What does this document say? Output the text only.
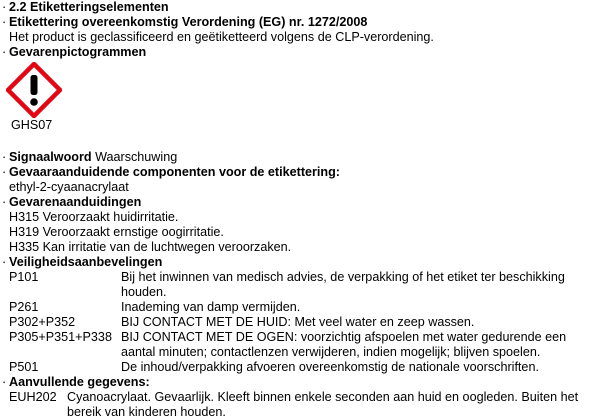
· 2.2 Etiketteringselementen
· Etikettering overeenkomstig Verordening (EG) nr. 1272/2008
Het product is geclassificeerd en geëtiketteerd volgens de CLP-verordening.
· Gevarenpictogrammen
GHS07
· Signaalwoord Waarschuwing
· Gevaaraanduidende componenten voor de etikettering:
ethyl-2-cyaanacrylaat
· Gevarenaanduidingen
H315 Veroorzaakt huidirritatie.
H319 Veroorzaakt ernstige oogirritatie.
H335 Kan irritatie van de luchtwegen veroorzaken.
· Veiligheidsaanbevelingen
P101	Bij het inwinnen van medisch advies, de verpakking of het etiket ter beschikking houden.
P261	Inademing van damp vermijden.
P302+P352	BIJ CONTACT MET DE HUID: Met veel water en zeep wassen.
P305+P351+P338 BIJ CONTACT MET DE OGEN: voorzichtig afspoelen met water gedurende een aantal minuten; contactlenzen verwijderen, indien mogelijk; blijven spoelen.
P501	De inhoud/verpakking afvoeren overeenkomstig de nationale voorschriften.
· Aanvullende gegevens:
EUH202 Cyanoacrylaat. Gevaarlijk. Kleeft binnen enkele seconden aan huid en oogleden. Buiten het bereik van kinderen houden.
